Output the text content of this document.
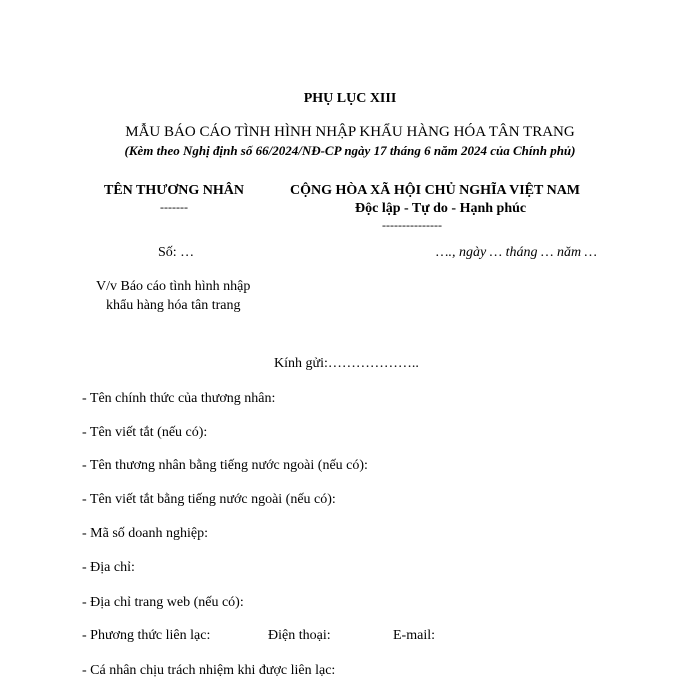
PHỤ LỤC XIII
MẪU BÁO CÁO TÌNH HÌNH NHẬP KHẨU HÀNG HÓA TÂN TRANG
(Kèm theo Nghị định số 66/2024/NĐ-CP ngày 17 tháng 6 năm 2024 của Chính phủ)
TÊN THƯƠNG NHÂN
-------
CỘNG HÒA XÃ HỘI CHỦ NGHĨA VIỆT NAM
Độc lập - Tự do - Hạnh phúc
---------------
Số: …	…., ngày … tháng … năm …
V/v Báo cáo tình hình nhập
khẩu hàng hóa tân trang
Kính gửi:………………..
- Tên chính thức của thương nhân:
- Tên viết tắt (nếu có):
- Tên thương nhân bằng tiếng nước ngoài (nếu có):
- Tên viết tắt bằng tiếng nước ngoài (nếu có):
- Mã số doanh nghiệp:
- Địa chỉ:
- Địa chỉ trang web (nếu có):
- Phương thức liên lạc:	Điện thoại:	E-mail:
- Cá nhân chịu trách nhiệm khi được liên lạc:
